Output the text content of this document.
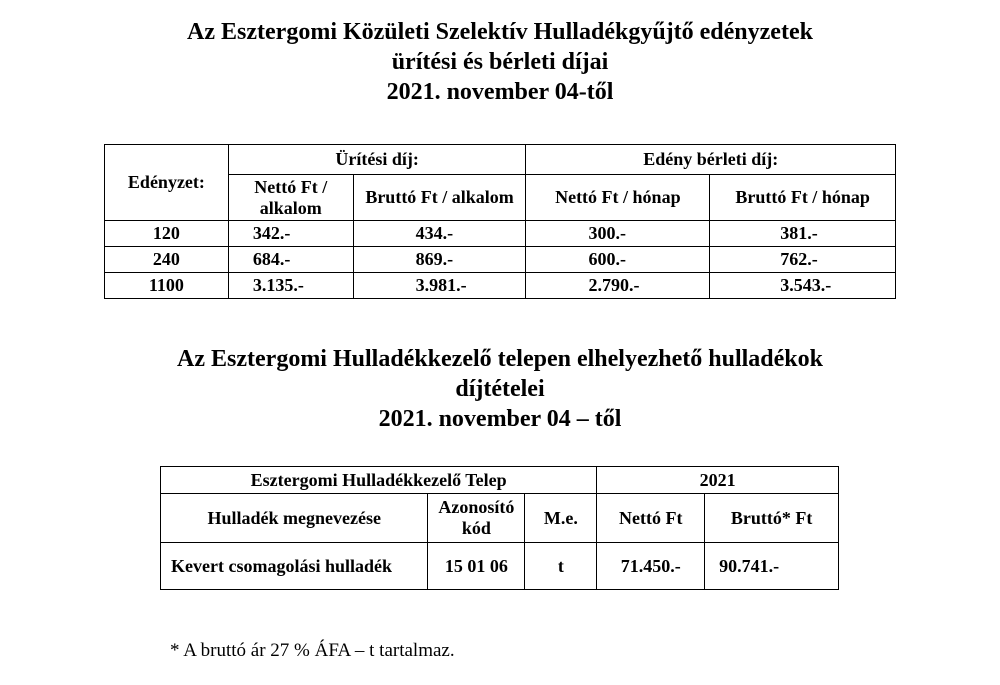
Az Esztergomi Közületi Szelektív Hulladékgyűjtő edényzetek
ürítési és bérleti díjai
2021. november 04-től
Edényzet:	Ürítési díj:		Edény bérleti díj:	
	Nettó Ft / alkalom	Bruttó Ft / alkalom	Nettó Ft / hónap	Bruttó Ft / hónap
120	342.-	434.-	300.-	381.-
240	684.-	869.-	600.-	762.-
1100	3.135.-	3.981.-	2.790.-	3.543.-
Az Esztergomi Hulladékkezelő telepen elhelyezhető hulladékok
díjtételei
2021. november 04 – től
Esztergomi Hulladékkezelő Telep			2021	
Hulladék megnevezése	Azonosító kód	M.e.	Nettó Ft	Bruttó* Ft
Kevert csomagolási hulladék	15 01 06	t	71.450.-	90.741.-
* A bruttó ár 27 % ÁFA – t tartalmaz.
